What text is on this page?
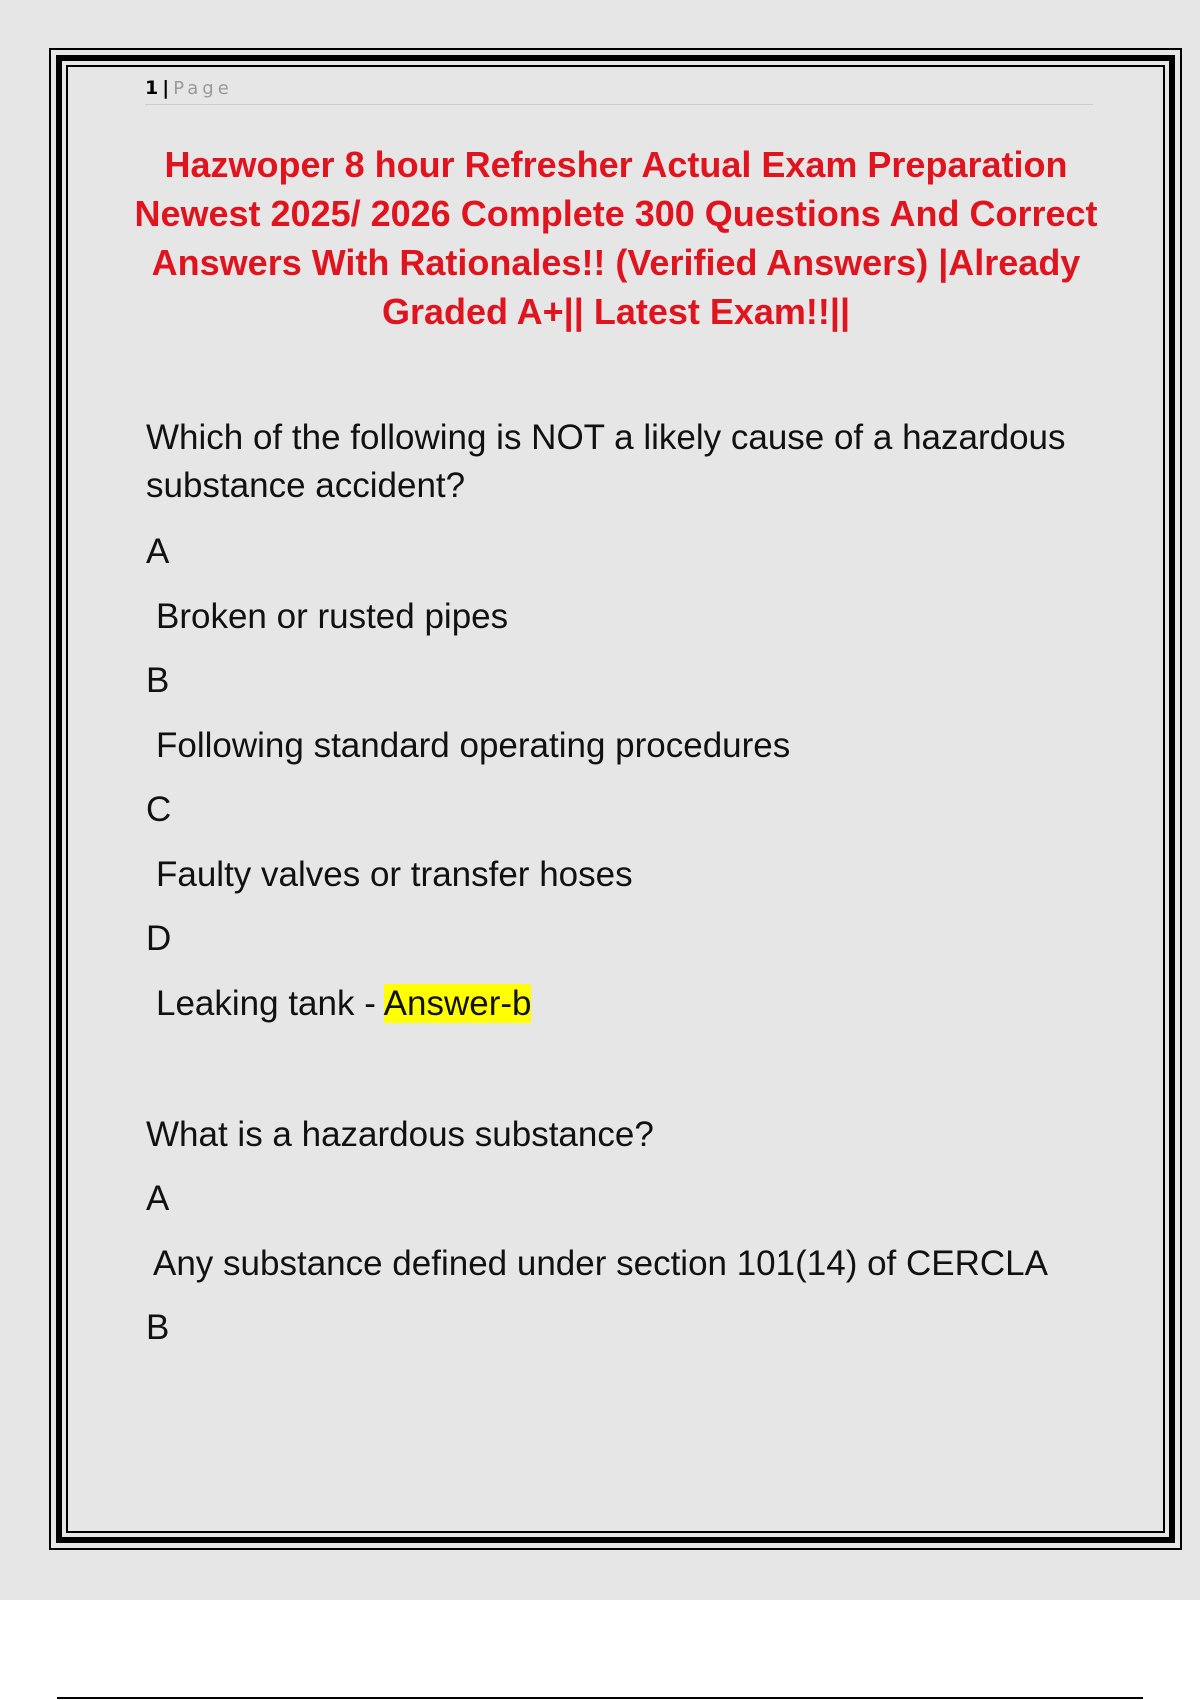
1 | Page
Hazwoper 8 hour Refresher Actual Exam Preparation Newest 2025/ 2026 Complete 300 Questions And Correct Answers With Rationales!! (Verified Answers) |Already Graded A+|| Latest Exam!!||

Which of the following is NOT a likely cause of a hazardous substance accident?

A

Broken or rusted pipes

B

Following standard operating procedures

C

Faulty valves or transfer hoses

D

Leaking tank - Answer-b

What is a hazardous substance?

A

Any substance defined under section 101(14) of CERCLA

B
